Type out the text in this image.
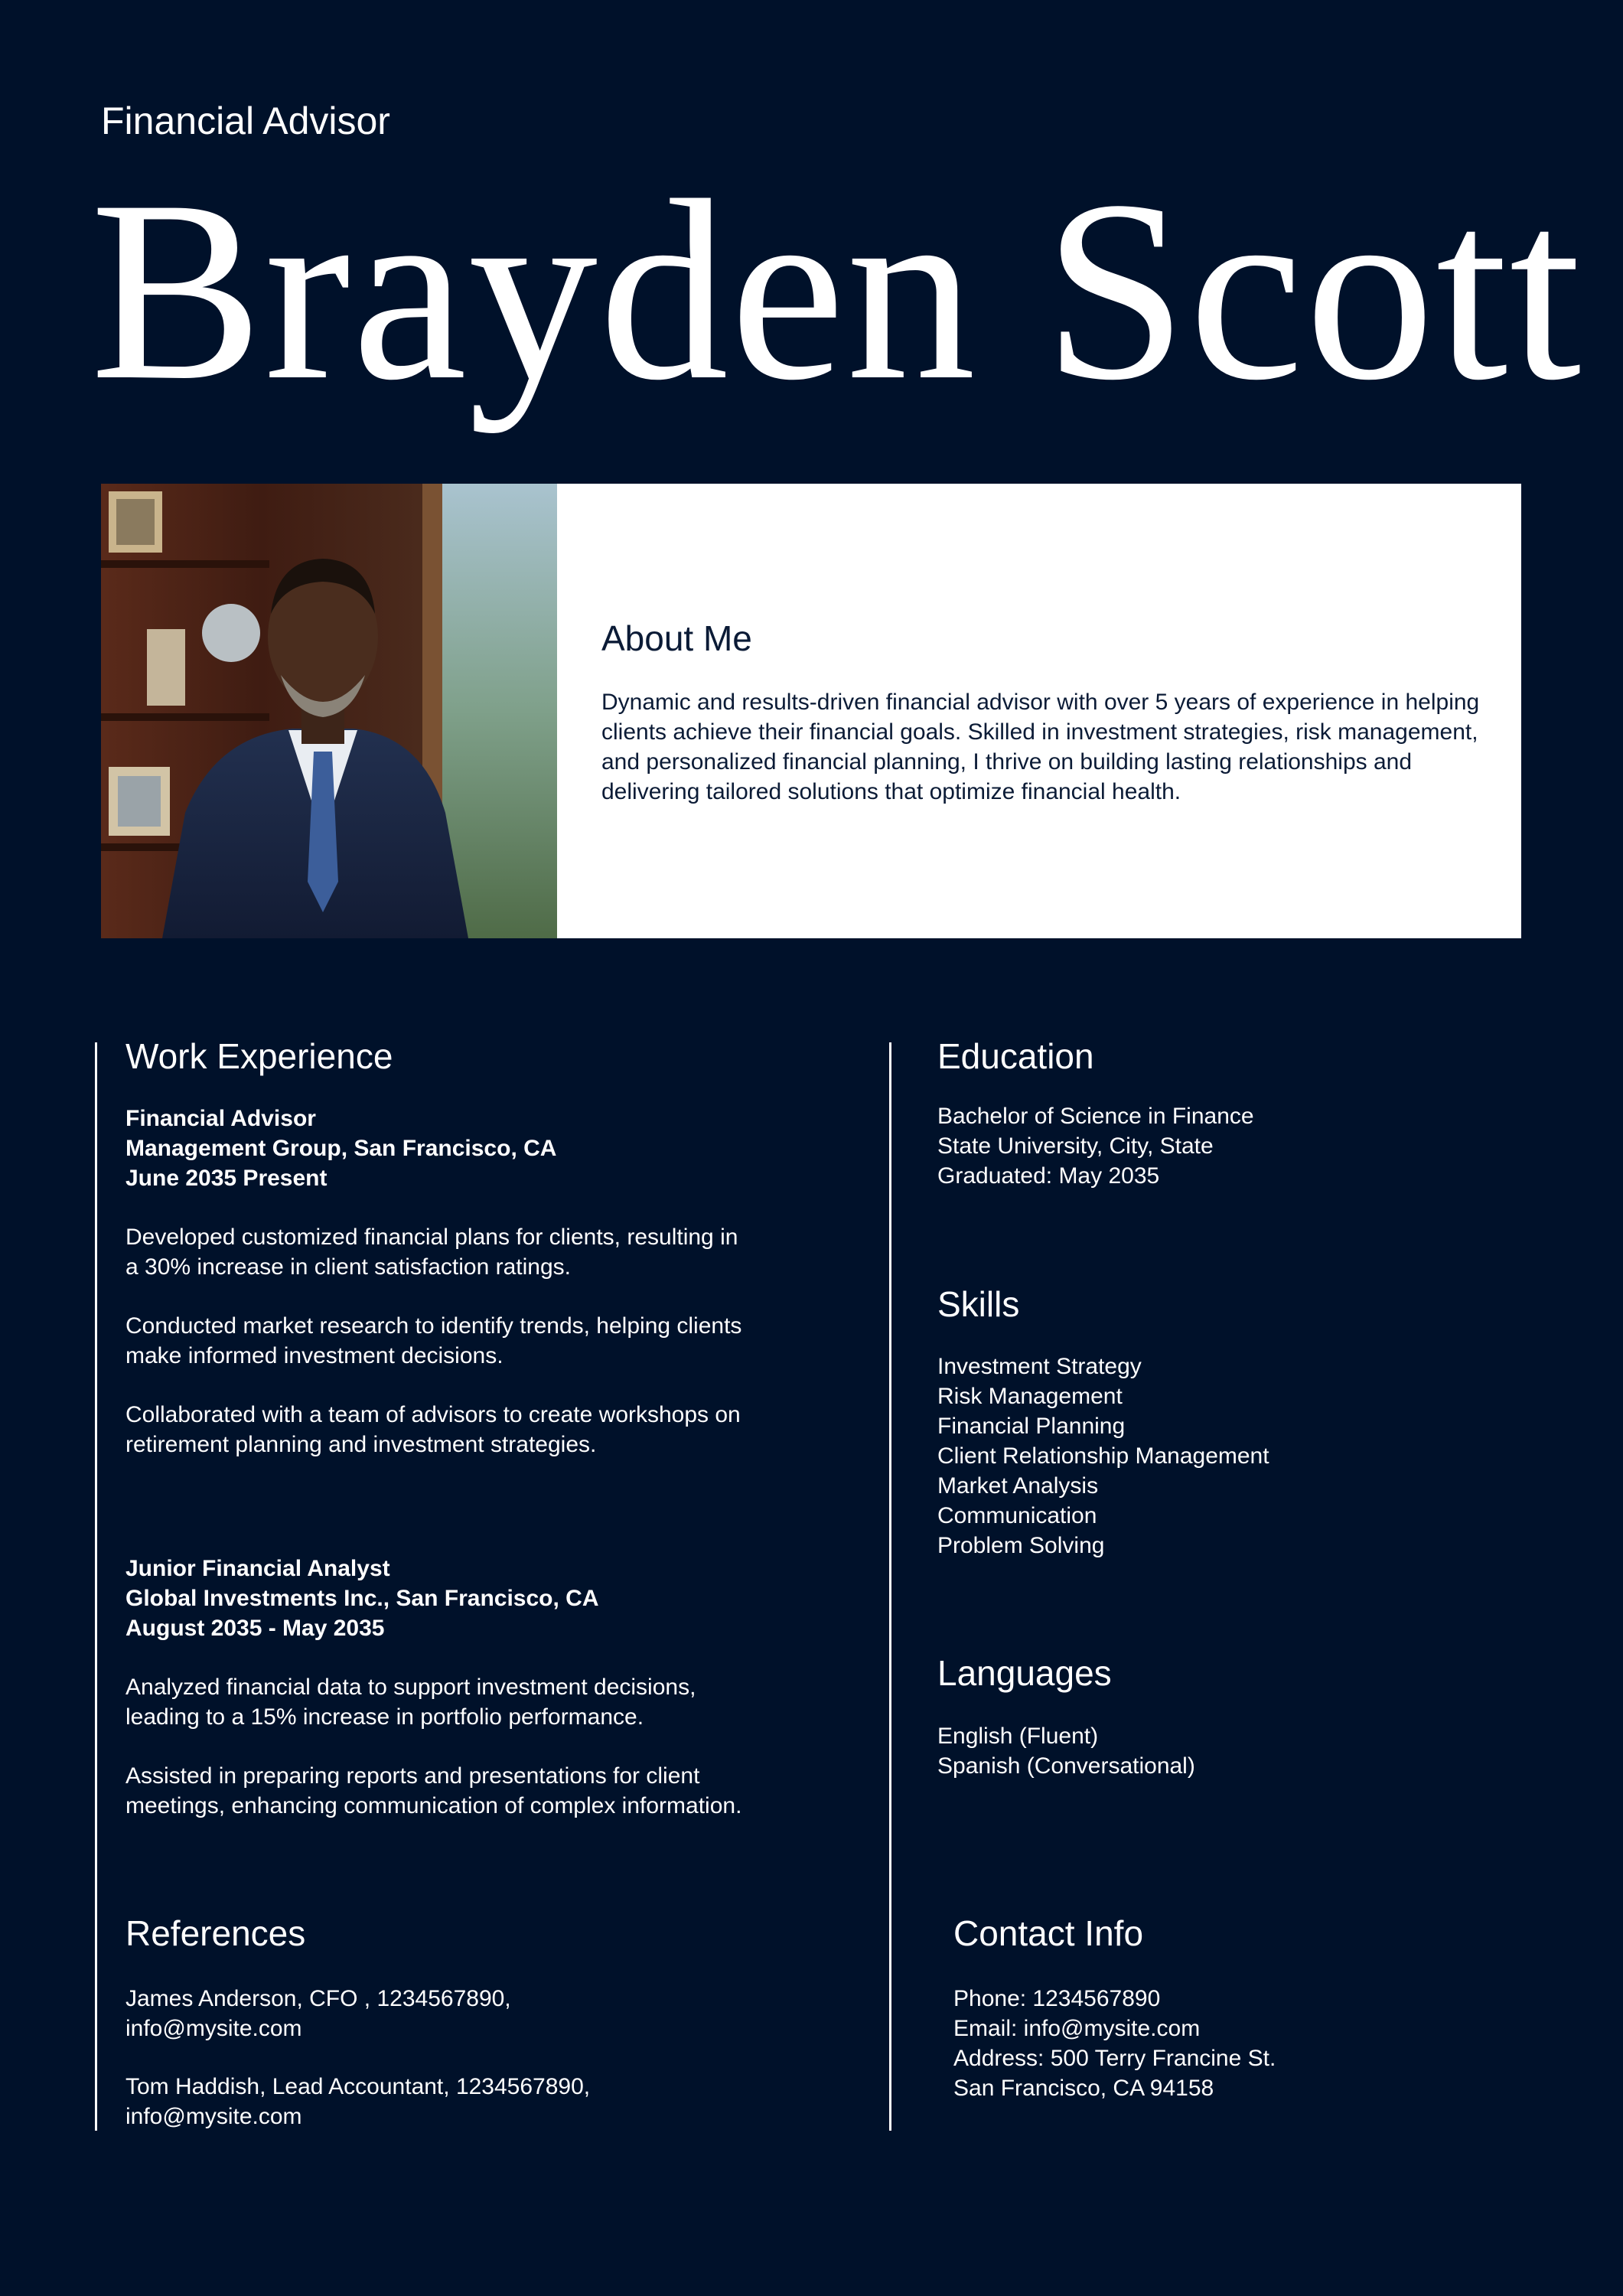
Financial Advisor
Brayden Scott
About Me
Dynamic and results-driven financial advisor with over 5 years of experience in helping clients achieve their financial goals. Skilled in investment strategies, risk management, and personalized financial planning, I thrive on building lasting relationships and delivering tailored solutions that optimize financial health.
Work Experience
Financial Advisor
Management Group, San Francisco, CA
June 2035 Present
Developed customized financial plans for clients, resulting in a 30% increase in client satisfaction ratings.
Conducted market research to identify trends, helping clients make informed investment decisions.
Collaborated with a team of advisors to create workshops on retirement planning and investment strategies.
Junior Financial Analyst
Global Investments Inc., San Francisco, CA
August 2035 - May 2035
Analyzed financial data to support investment decisions, leading to a 15% increase in portfolio performance.
Assisted in preparing reports and presentations for client meetings, enhancing communication of complex information.
References
James Anderson, CFO , 1234567890,
info@mysite.com
Tom Haddish, Lead Accountant, 1234567890,
info@mysite.com
Education
Bachelor of Science in Finance
State University, City, State
Graduated: May 2035
Skills
Investment Strategy
Risk Management
Financial Planning
Client Relationship Management
Market Analysis
Communication
Problem Solving
Languages
English (Fluent)
Spanish (Conversational)
Contact Info
Phone: 1234567890
Email: info@mysite.com
Address: 500 Terry Francine St.
San Francisco, CA 94158
